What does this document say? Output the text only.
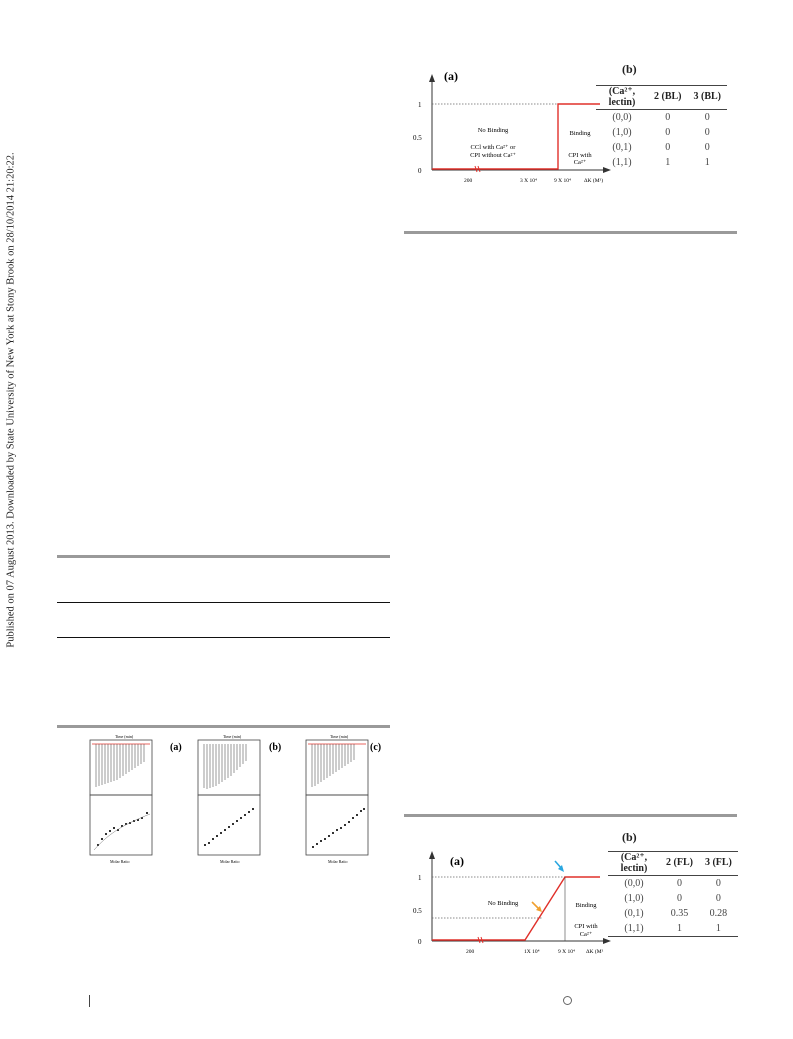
Published on 07 August 2013. Downloaded by State University of New York at Stony Brook on 28/10/2014 21:20:22.
(a)
1
0.5
0
No Binding
CCl with Ca²⁺ or
CPI without Ca²⁺
Binding
CPI with
Ca²⁺
200	3 X 10⁴	9 X 10⁴ ΔK (M¹)
(b)
(Ca²⁺, lectin)	2 (BL)	3 (BL)
(0,0)	0	0
(1,0)	0	0
(0,1)	0	0
(1,1)	1	1
Time (min)
Molar Ratio
(a)
Time (min)
Molar Ratio
(b)
Time (min)
Molar Ratio
(c)
(a)
1
0.5
0
No Binding	Binding
CPI with
Ca²⁺
200	1X 10⁴	9 X 10⁴ ΔK (M¹
(b)
(Ca²⁺, lectin)	2 (FL)	3 (FL)
(0,0)	0	0
(1,0)	0	0
(0,1)	0.35	0.28
(1,1)	1	1
